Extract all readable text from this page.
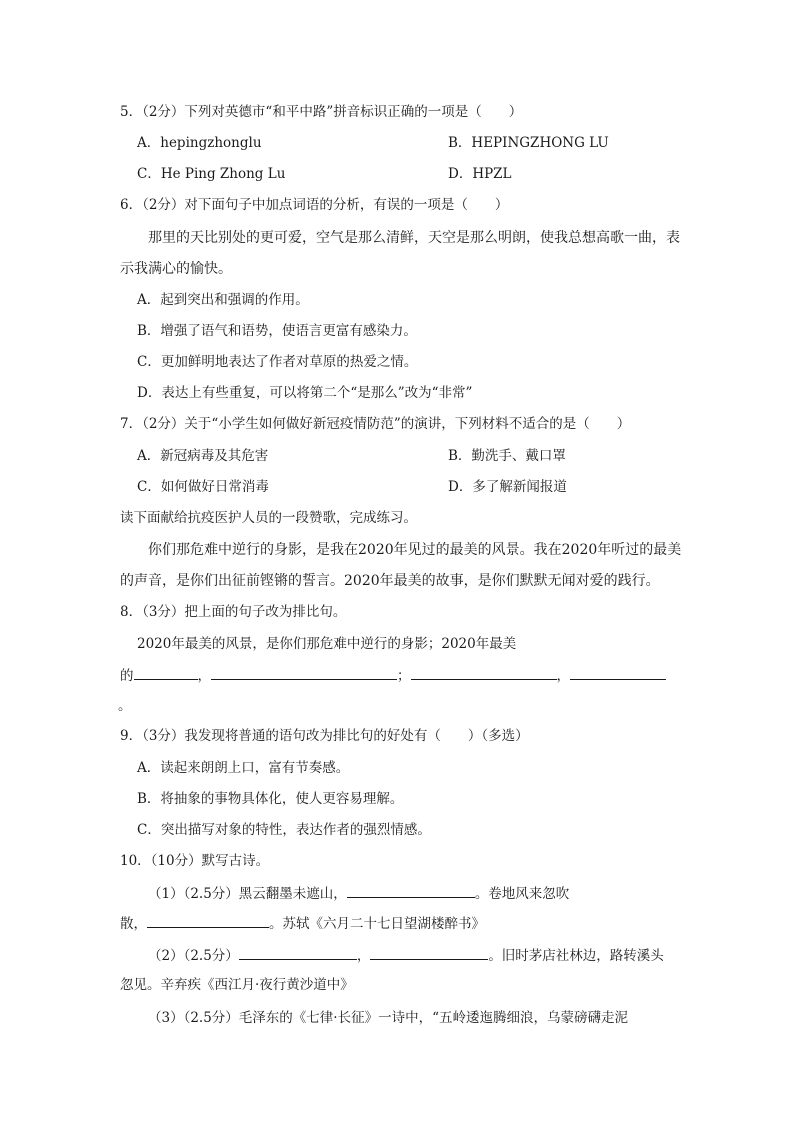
5．（2分）下列对英德市“和平中路”拼音标识正确的一项是（　　）
A．hepingzhonglu	B．HEPINGZHONG LU
C．He Ping Zhong Lu	D．HPZL
6．（2分）对下面句子中加点词语的分析，有误的一项是（　　）
那里的天比别处的更可爱，空气是那么清鲜，天空是那么明朗，使我总想高歌一曲，表
示我满心的愉快。
A．起到突出和强调的作用。
B．增强了语气和语势，使语言更富有感染力。
C．更加鲜明地表达了作者对草原的热爱之情。
D．表达上有些重复，可以将第二个“是那么”改为“非常”
7．（2分）关于“小学生如何做好新冠疫情防范”的演讲，下列材料不适合的是（　　）
A．新冠病毒及其危害	B．勤洗手、戴口罩
C．如何做好日常消毒	D．多了解新闻报道
读下面献给抗疫医护人员的一段赞歌，完成练习。
你们那危难中逆行的身影，是我在2020年见过的最美的风景。我在2020年听过的最美
的声音，是你们出征前铿锵的誓言。2020年最美的故事，是你们默默无闻对爱的践行。
8．（3分）把上面的句子改为排比句。
2020年最美的风景，是你们那危难中逆行的身影；2020年最美
的	，	；	，
。
9．（3分）我发现将普通的语句改为排比句的好处有（　　）（多选）
A．读起来朗朗上口，富有节奏感。
B．将抽象的事物具体化，使人更容易理解。
C．突出描写对象的特性，表达作者的强烈情感。
10．（10分）默写古诗。
（1）（2.5分）黑云翻墨未遮山，	。卷地风来忽吹
散，	。苏轼《六月二十七日望湖楼醉书》
（2）（2.5分）	，	。旧时茅店社林边，路转溪头
忽见。辛弃疾《西江月·夜行黄沙道中》
（3）（2.5分）毛泽东的《七律·长征》一诗中，“五岭逶迤腾细浪，乌蒙磅礴走泥
